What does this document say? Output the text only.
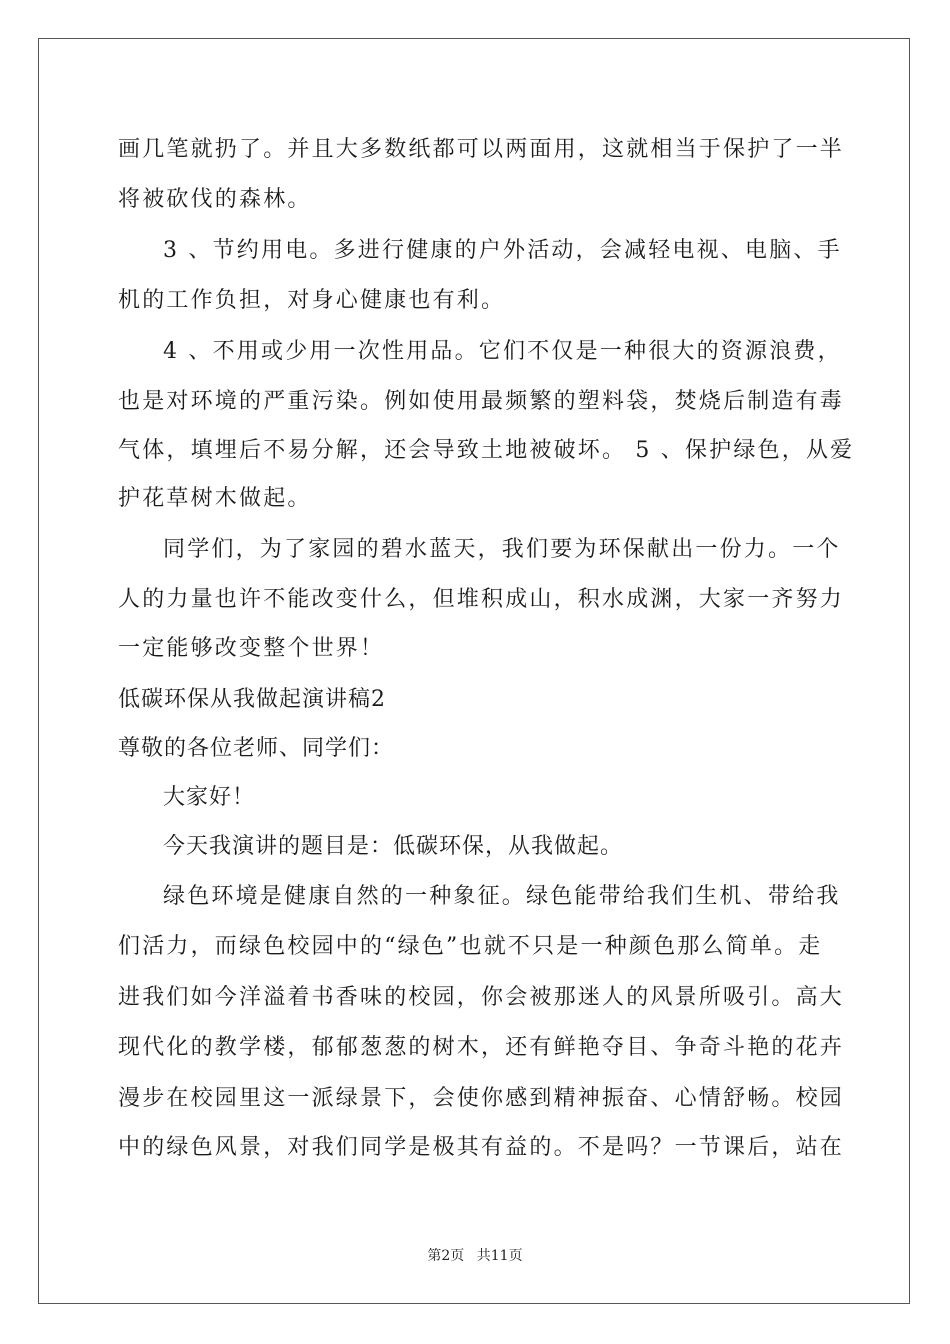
画几笔就扔了。并且大多数纸都可以两面用，这就相当于保护了一半
将被砍伐的森林。
3 、节约用电。多进行健康的户外活动，会减轻电视、电脑、手
机的工作负担，对身心健康也有利。
4 、不用或少用一次性用品。它们不仅是一种很大的资源浪费，
也是对环境的严重污染。例如使用最频繁的塑料袋，焚烧后制造有毒
气体，填埋后不易分解，还会导致土地被破坏。 5 、保护绿色，从爱
护花草树木做起。
同学们，为了家园的碧水蓝天，我们要为环保献出一份力。一个
人的力量也许不能改变什么，但堆积成山，积水成渊，大家一齐努力
一定能够改变整个世界！
低碳环保从我做起演讲稿2
尊敬的各位老师、同学们：
大家好！
今天我演讲的题目是：低碳环保，从我做起。
绿色环境是健康自然的一种象征。绿色能带给我们生机、带给我
们活力，而绿色校园中的“绿色”也就不只是一种颜色那么简单。走
进我们如今洋溢着书香味的校园，你会被那迷人的风景所吸引。高大
现代化的教学楼，郁郁葱葱的树木，还有鲜艳夺目、争奇斗艳的花卉
漫步在校园里这一派绿景下，会使你感到精神振奋、心情舒畅。校园
中的绿色风景，对我们同学是极其有益的。不是吗？一节课后，站在
第2页 共11页
